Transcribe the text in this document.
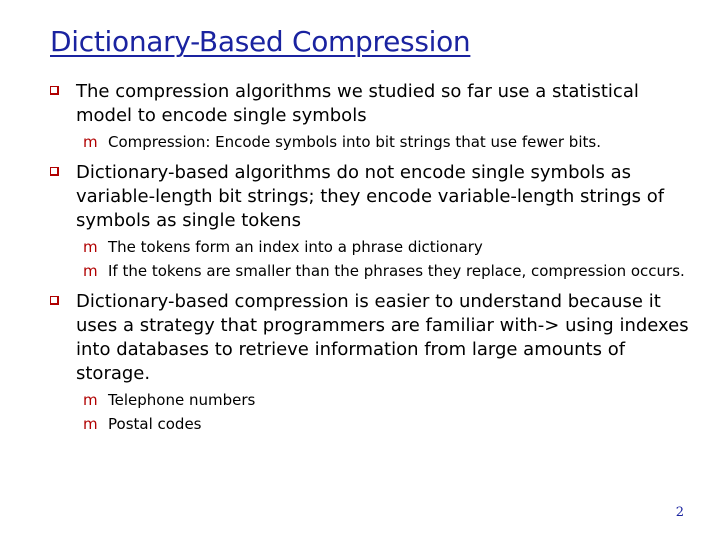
Dictionary-Based Compression
The compression algorithms we studied so far use a statistical model to encode single symbols
m Compression: Encode symbols into bit strings that use fewer bits.
Dictionary-based algorithms do not encode single symbols as variable-length bit strings; they encode variable-length strings of symbols as single tokens
m The tokens form an index into a phrase dictionary
m If the tokens are smaller than the phrases they replace, compression occurs.
Dictionary-based compression is easier to understand because it uses a strategy that programmers are familiar with-> using indexes into databases to retrieve information from large amounts of storage.
m Telephone numbers
m Postal codes
2
